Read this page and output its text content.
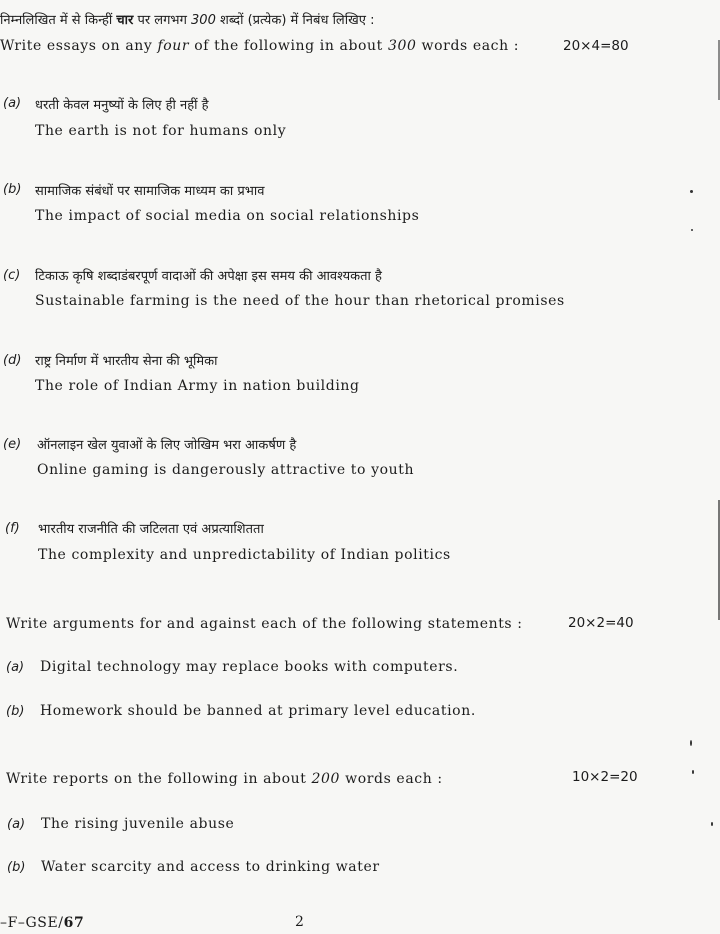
निम्नलिखित में से किन्हीं चार पर लगभग 300 शब्दों (प्रत्येक) में निबंध लिखिए :
Write essays on any four of the following in about 300 words each :	20×4=80
(a) धरती केवल मनुष्यों के लिए ही नहीं है
The earth is not for humans only
(b) सामाजिक संबंधों पर सामाजिक माध्यम का प्रभाव
The impact of social media on social relationships
(c) टिकाऊ कृषि शब्दाडंबरपूर्ण वादाओं की अपेक्षा इस समय की आवश्यकता है
Sustainable farming is the need of the hour than rhetorical promises
(d) राष्ट्र निर्माण में भारतीय सेना की भूमिका
The role of Indian Army in nation building
(e) ऑनलाइन खेल युवाओं के लिए जोखिम भरा आकर्षण है
Online gaming is dangerously attractive to youth
(f) भारतीय राजनीति की जटिलता एवं अप्रत्याशितता
The complexity and unpredictability of Indian politics
Write arguments for and against each of the following statements :	20×2=40
(a) Digital technology may replace books with computers.
(b) Homework should be banned at primary level education.
Write reports on the following in about 200 words each :	10×2=20
(a) The rising juvenile abuse
(b) Water scarcity and access to drinking water
–F–GSE/67	2
